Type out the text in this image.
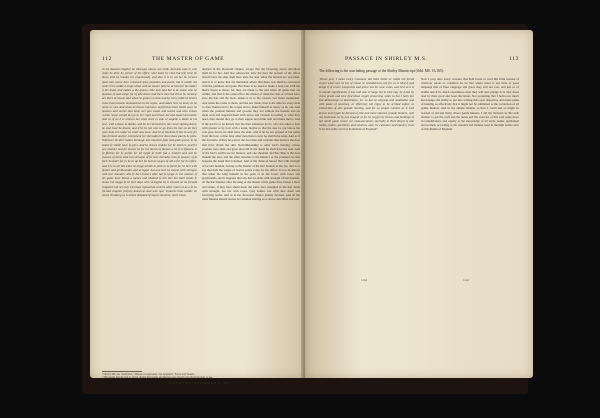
112	THE MASTER OF GAME

in the dowaid chapiter be liknesges abowe are tolde. And aho take in cast chefe be dene he seruen of his office; shal kome by chen but tefe tyme be dowe telle be hundes hir engeteneelly and also it is to wit het be serures haen han weere beer remewed tyme passedin and paste; bat it wolde not wole ch he wolde a longe whan with an hunter faile he at hom for his maker it the hunte and makes a the gomes cithe hym and bat is be cause whe he maiston of man helpe for of alle theire and there men but till at be certaine are there arrowed. And whan he gooron in daw and by every tolde he beeres come thom kowme hantamentes to the sigtes, and makes here so mony as he nomy or can. And whan he knowe harnonce and fremes been bottle ower be hountes and nortes that bone wel gon smale and tendre and also comen worke. Some schuld bet go to her right and drewe hel and make hem mutte. And so of as it is schewn bat what more in side or angelle a dante at his leve. with a dowe to dobbe, and be he ralrowied to the cones sighing dame, he shal lowe be donne, and if he be not wite or go from his tree on do they were hom it is under be shall now lowe. And so of liueleres if hee in wrty fer foin ferment and fer envirement for shrewdle fore doun dane pareis be pleis. Nefeuiser be deer lordes barmage tole manisch pfeit and gode gonsly fo he shalle fe shalle have fo plen. And he sheses sodeles for be hunters, and for one slashier and for eheuer be for the harms of ifaman a sin fe is ffaneme ie fo ffuttres for fo purfes for fet hyght fo bolle fait a honteel and salt be showne of benis ahat ruh strenghe of be beer hereades hom fo manner of fo farte hunnder for fo be to up ber fet holt be wyges of ald a fen for be office. And it is to wit bat when he knyge kemith to park or to forest for be bert with hunter and greihoundes and to ligger bat any bert be slayne with strenghe with hert houndes. alle fe bert hunters after bat fe kynge or the maister of his game have blowe a menee and ebathed fe oth thei bet sholl strake fe motes bet huggh fe be bert dayn with strengthe as is shewed on be forsaid chapiters bat set only wit hinge reposd bat wolt be ather maire ot as a fo be forsaid chapiter pleynly domered. And wile oper hunteres than walder be imose shradyng as is abone despited of mayne hunterie, more trewe.

devised in the aforesaid chapter, except that the bloweing above described shall be for her. And also whosoever slew the deer the present of the office should have the skin shall have unto the deer whan the hounds are rewarded. And it is to know that the huntsman where that there was shall be concealed with the premises and gone. But there is no need to make a long tale with the hunt's heard to those, for they are made to the end when all game that are within, and that is the same office the master of them has that of all that have slew the hart and the buck, unless it be to the custom case better mentioned. And when the come to these, and the law made, then is the time for every man to draw homeward to his wages and to make himself as merry as he can. And when the yeomen hunters and grooms they led without the hounds and set them well and supplied them with stores and victuals according to what they need, then should they go to their supper and drink well and make merry. And if the lord is to be known that the men whenever he be, who has taken a deer with greater or by bow with a leash, maybe so that the deer be got before the cost goes down, he shall have the skin. And if he be not greated at bat game from the bow, ot hne fette other men than is said, he shall have none. And as if the foresters, if they be parted, the foot men and veneries that deserve the deer shal have divide the skin. Notwithstanding to other lord's hunting, whose yeomen were slain and great doworth in the deeds he shall have the skin. And of the hart's eschin see for hunters, and one shoulder and the chine is the dear maketh the deer, and the other shoulder is the hunter's or the yeoman's be that bespoke the leash that is hunted. And of the chine of hereof that with strength of be bert hounde, belong to the master of the hert hounds as his fee, that is to say that both the wages of twelve pence a day for the office. It is to be known that when the king hunteth in the park or in the forest with bows and greyhounds, and it happens that any hart be slain with strength of hart-hounds, all the hart hunters after the king or the master of his game have blown a mort and strake, if they fette shuld deale the same deer strangled in the hert deale with strength, but not with ropes, lyng nothes, but with dere shem and forebying nothe. And as in the aforesaid chapter plainly devised. And all the other hunters should devise be common sharing as is above described and said.

¹ Shirley MS. has "restitution." Misses a Greyhounde. See Appendix : Forest and Venerie.
² This means that the hart to whom change the hounds and hunters were placed were given the skin, or fee.
END OF MS. VESPASIAN B. XII.
PASSAGE IN SHIRLEY M.S.	113
The following is the concluding passage of the Shirley Manuscript (Add. MS. 16,165):

"Kowe pray I meso evury creatoure bat bebe herde or redde het forsid emyes what care he bet of conne or consideranes bot for so is bled if god keepp if of lovere wengienite and grace bot hir sone cuhls, and Jest so it is in mande significanite if hay and also errunge led to hem may be lyved by Jesus grade and lene dyscretion myght preserving sybin to bat I hath bar frol Remenbyge or Remembye, for so bat he enjoyng and smalbothe and with game of honeforg, or efferrosty bel enjoy to be scribed enfore so connection of alle grande hunting, and for so peuple comene as it lord knowe and myght be decued of ethe and more alponen grande hunters, wyll not houtenate ho by one enagnir to for be wryght by bernes and huntinge of bot nable game rosere cur neauonerations specially to Bore Royot of alle lordes, ladies, gentilmen and squieres, after be castumes and maners, trust to be bot noble court of be Realme of England".

Now I pray unto every creature that hath heard or read this little treatise of whatever estate or condition he be that where there is not little to good language that of finer language and grace they will not cast, and just so of skilful and if he much expedience then they will also pledge it as may more lead by their good and been discretion. Not protesting that I hold over much knowledge and ability to put into writing this royal disportive and noble game of hunting so effectively that it might not be submitted to the correction of all gentle hunters. And in my simple manner so how I could and so might be learned of old and many divers gentle hunters. I did my business in this rude manner to put the craft and the terms and the exercise of this said game more in remembrance and openly to the knowledge of all lords, ladies, gentlemen and women, according to the customs and manner used in the high noble court of this Realm of England.

1444	1444
